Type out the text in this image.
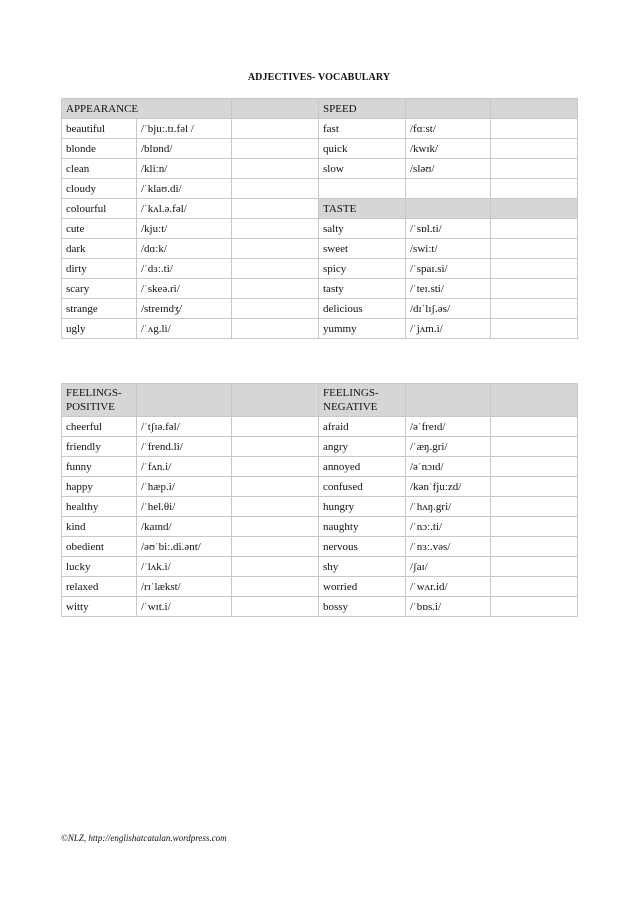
ADJECTIVES- VOCABULARY
APPEARANCE			SPEED		
beautiful	/ˈbjuː.tɪ.fəl /		fast	/fɑːst/	
blonde	/blɒnd/		quick	/kwɪk/	
clean	/kliːn/		slow	/sləʊ/	
cloudy	/ˈklaʊ.di/				
colourful	/ˈkʌl.ə.fəl/		TASTE		
cute	/kjuːt/		salty	/ˈsɒl.ti/	
dark	/dɑːk/		sweet	/swiːt/	
dirty	/ˈdɜː.ti/		spicy	/ˈspaɪ.si/	
scary	/ˈskeə.ri/		tasty	/ˈteɪ.sti/	
strange	/streɪndʒ/		delicious	/dɪˈlɪʃ.əs/	
ugly	/ˈʌg.li/		yummy	/ˈjʌm.i/	
FEELINGS-POSITIVE			FEELINGS-NEGATIVE		
cheerful	/ˈtʃɪə.fəl/		afraid	/əˈfreɪd/	
friendly	/ˈfrend.li/		angry	/ˈæŋ.gri/	
funny	/ˈfʌn.i/		annoyed	/əˈnɔɪd/	
happy	/ˈhæp.i/		confused	/kənˈfjuːzd/	
healthy	/ˈhel.θi/		hungry	/ˈhʌŋ.gri/	
kind	/kaɪnd/		naughty	/ˈnɔː.ti/	
obedient	/əʊˈbiː.di.ənt/		nervous	/ˈnɜː.vəs/	
lucky	/ˈlʌk.i/		shy	/ʃaɪ/	
relaxed	/rɪˈlækst/		worried	/ˈwʌr.id/	
witty	/ˈwɪt.i/		bossy	/ˈbɒs.i/	
©NLZ, http://englishatcatalan.wordpress.com
